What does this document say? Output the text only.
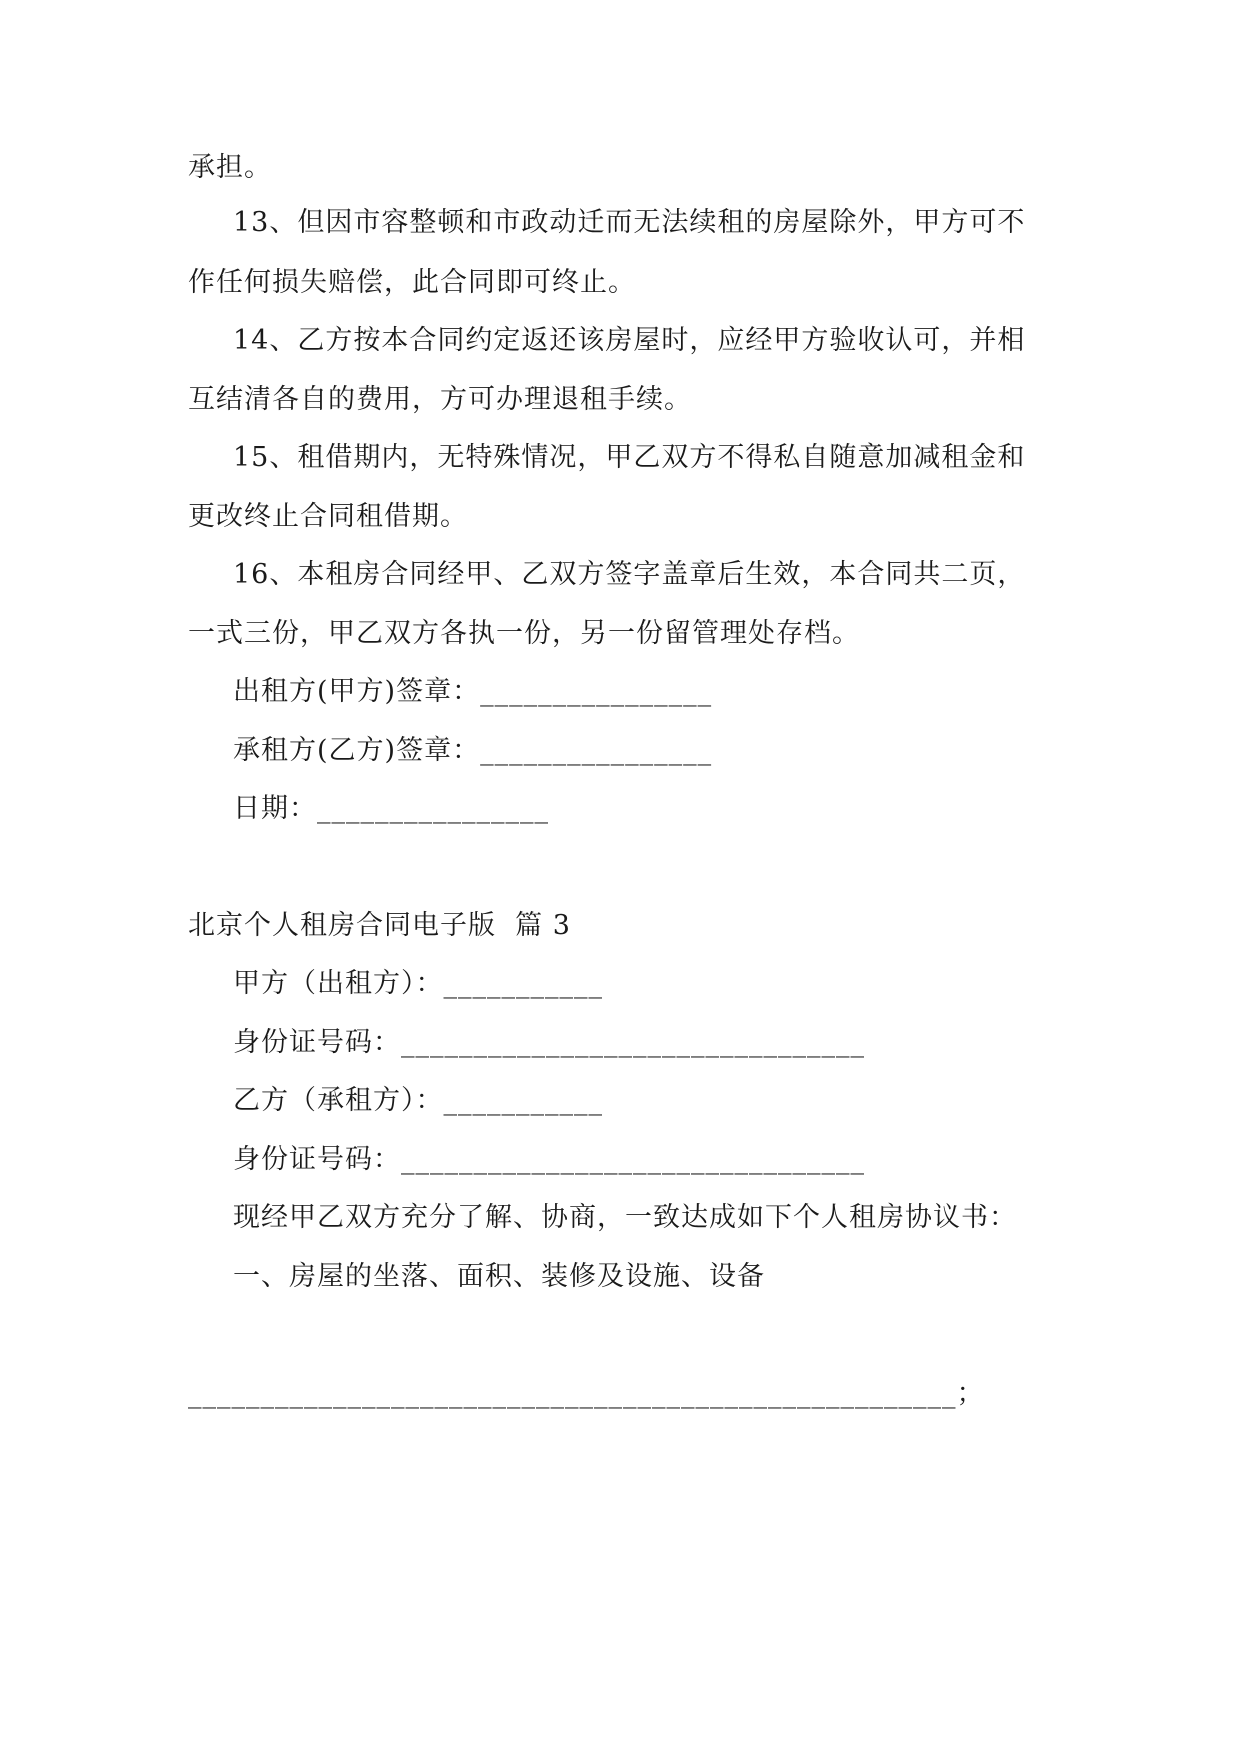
承担。
13、但因市容整顿和市政动迁而无法续租的房屋除外，甲方可不
作任何损失赔偿，此合同即可终止。
14、乙方按本合同约定返还该房屋时，应经甲方验收认可，并相
互结清各自的费用，方可办理退租手续。
15、租借期内，无特殊情况，甲乙双方不得私自随意加减租金和
更改终止合同租借期。
16、本租房合同经甲、乙双方签字盖章后生效，本合同共二页，
一式三份，甲乙双方各执一份，另一份留管理处存档。
出租方(甲方)签章：________________
承租方(乙方)签章：________________
日期：________________
北京个人租房合同电子版  篇 3
甲方（出租方）：___________
身份证号码：________________________________
乙方（承租方）：___________
身份证号码：________________________________
现经甲乙双方充分了解、协商，一致达成如下个人租房协议书：
一、房屋的坐落、面积、装修及设施、设备
_____________________________________________________；
